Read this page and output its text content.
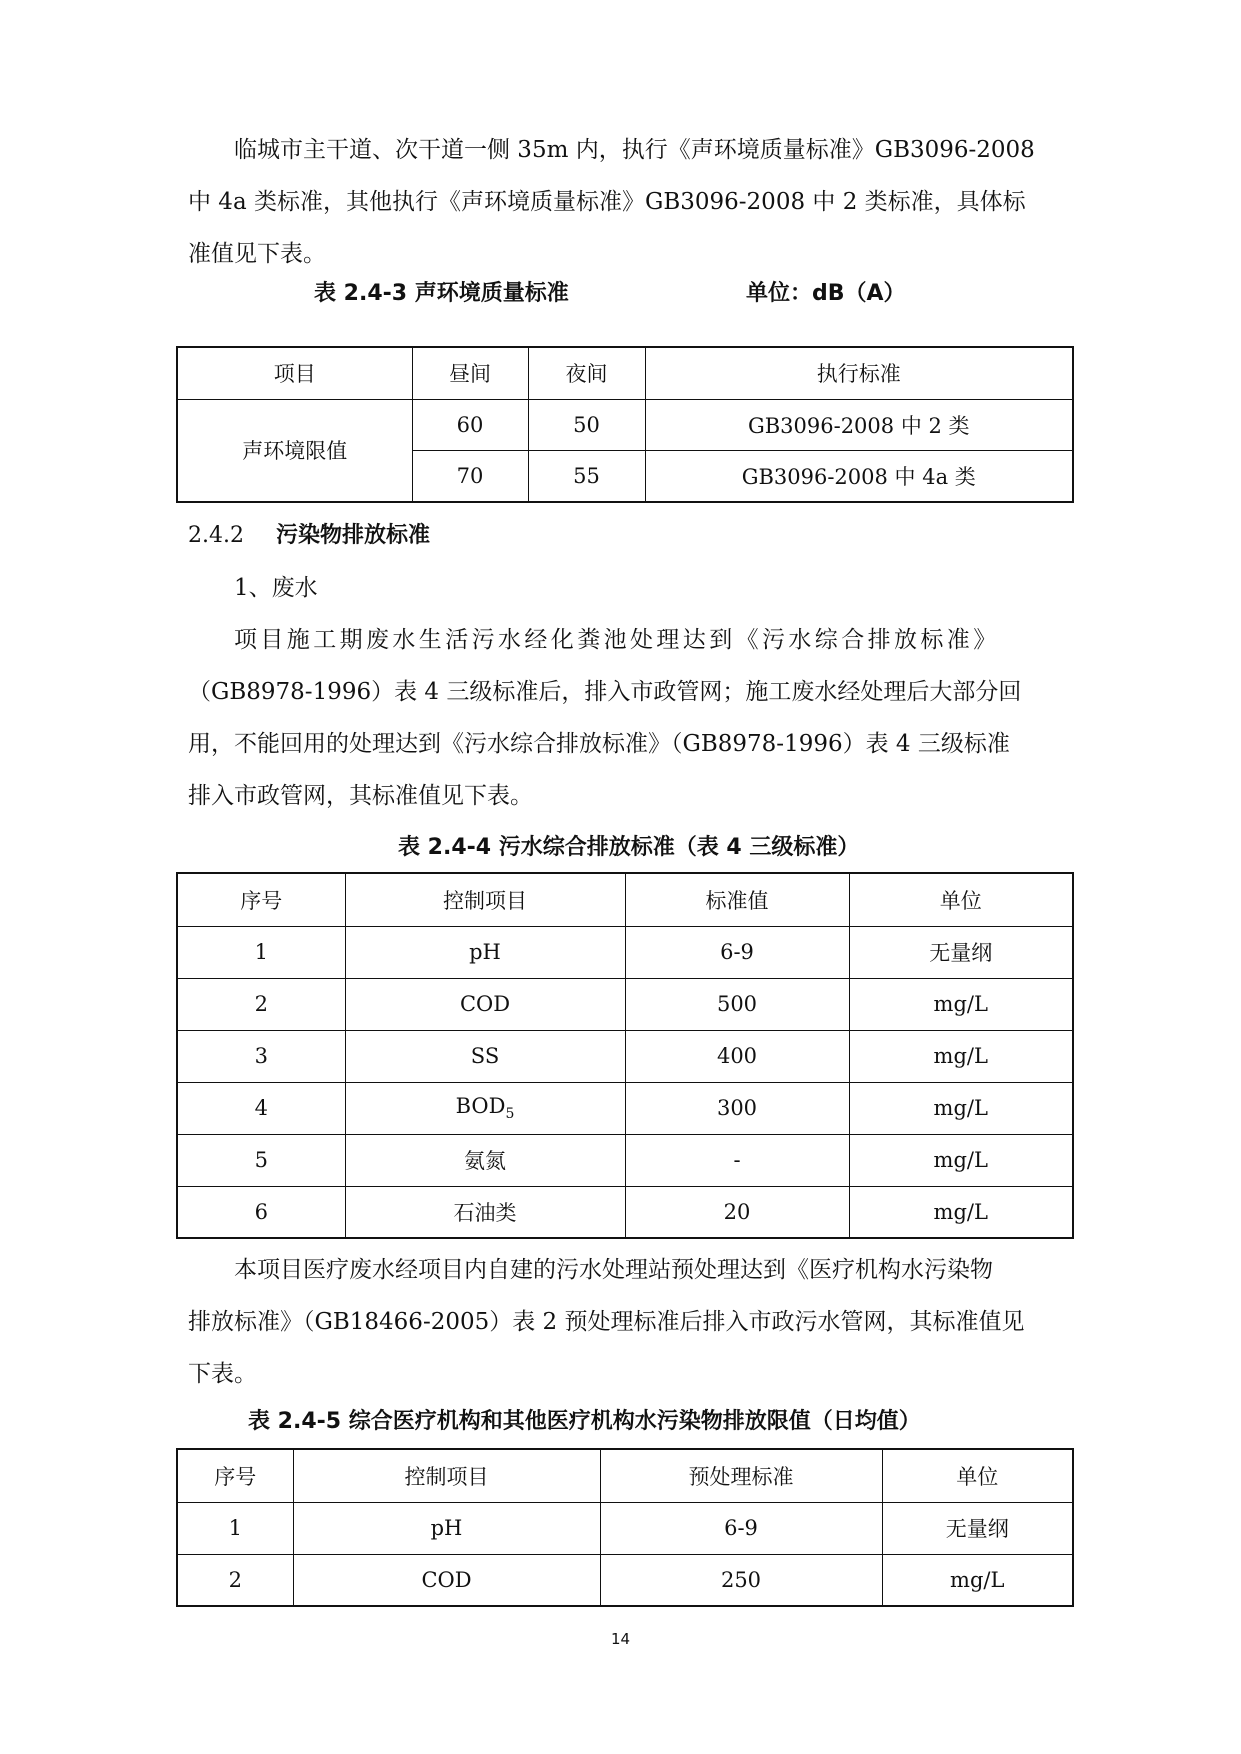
临城市主干道、次干道一侧 35m 内，执行《声环境质量标准》GB3096-2008
中 4a 类标准，其他执行《声环境质量标准》GB3096-2008 中 2 类标准，具体标
准值见下表。
表 2.4-3 声环境质量标准	单位：dB（A）
项目	昼间	夜间	执行标准
声环境限值	60	50	GB3096-2008 中 2 类
	70	55	GB3096-2008 中 4a 类
2.4.2 污染物排放标准
1、废水
项目施工期废水生活污水经化粪池处理达到《污水综合排放标准》
（GB8978-1996）表 4 三级标准后，排入市政管网；施工废水经处理后大部分回
用，不能回用的处理达到《污水综合排放标准》（GB8978-1996）表 4 三级标准
排入市政管网，其标准值见下表。
表 2.4-4 污水综合排放标准（表 4 三级标准）
序号	控制项目	标准值	单位
1	pH	6-9	无量纲
2	COD	500	mg/L
3	SS	400	mg/L
4	$BOD_5$	300	mg/L
5	氨氮	-	mg/L
6	石油类	20	mg/L
本项目医疗废水经项目内自建的污水处理站预处理达到《医疗机构水污染物
排放标准》（GB18466-2005）表 2 预处理标准后排入市政污水管网，其标准值见
下表。
表 2.4-5 综合医疗机构和其他医疗机构水污染物排放限值（日均值）
序号	控制项目	预处理标准	单位
1	pH	6-9	无量纲
2	COD	250	mg/L
14
